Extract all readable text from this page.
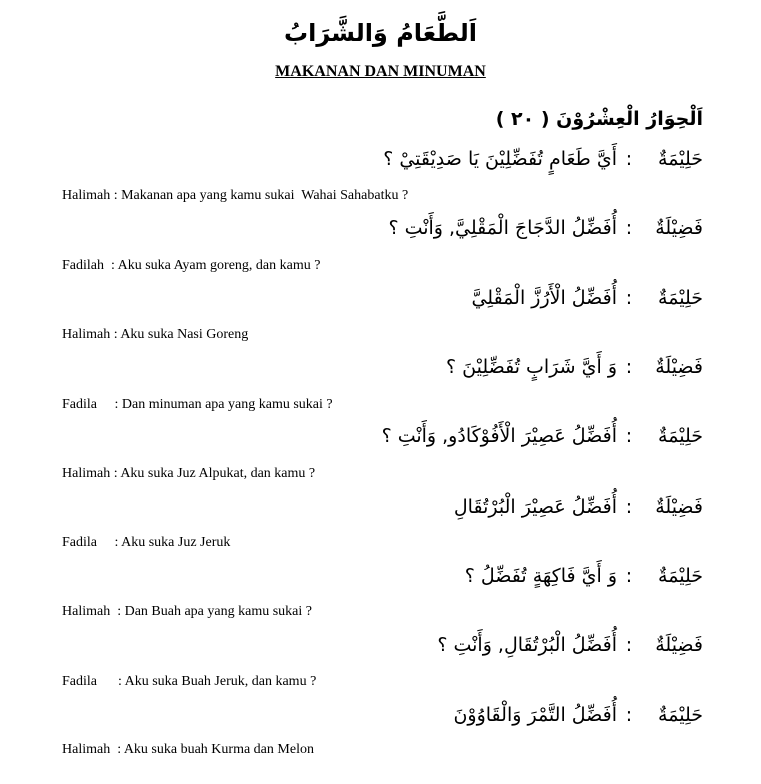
اَلطَّعَامُ وَالشَّرَابُ
MAKANAN DAN MINUMAN
اَلْحِوَارُ الْعِشْرُوْنَ ( ٢٠ )
حَلِيْمَةٌ:أَيَّ طَعَامٍ تُفَضِّلِيْنَ يَا صَدِيْقَتِيْ ؟
Halimah : Makanan apa yang kamu sukai  Wahai Sahabatku ?
فَضِيْلَةٌ:أُفَضِّلُ الدَّجَاجَ الْمَقْلِيَّ, وَأَنْتِ ؟
Fadilah  : Aku suka Ayam goreng, dan kamu ?
حَلِيْمَةٌ:أُفَضِّلُ الْأَرُزَّ الْمَقْلِيَّ
Halimah : Aku suka Nasi Goreng
فَضِيْلَةٌ:وَ أَيَّ شَرَابٍ تُفَضِّلِيْنَ ؟
Fadila     : Dan minuman apa yang kamu sukai ?
حَلِيْمَةٌ:أُفَضِّلُ عَصِيْرَ الْأَفُوْكَادُو, وَأَنْتِ ؟
Halimah : Aku suka Juz Alpukat, dan kamu ?
فَضِيْلَةٌ:أُفَضِّلُ عَصِيْرَ الْبُرْتُقَالِ
Fadila     : Aku suka Juz Jeruk
حَلِيْمَةٌ:وَ أَيَّ فَاكِهَةٍ تُفَضِّلُ ؟
Halimah  : Dan Buah apa yang kamu sukai ?
فَضِيْلَةٌ:أُفَضِّلُ الْبُرْتُقَالِ, وَأَنْتِ ؟
Fadila      : Aku suka Buah Jeruk, dan kamu ?
حَلِيْمَةٌ:أُفَضِّلُ التَّمْرَ وَالْقَاوُوْنَ
Halimah  : Aku suka buah Kurma dan Melon
